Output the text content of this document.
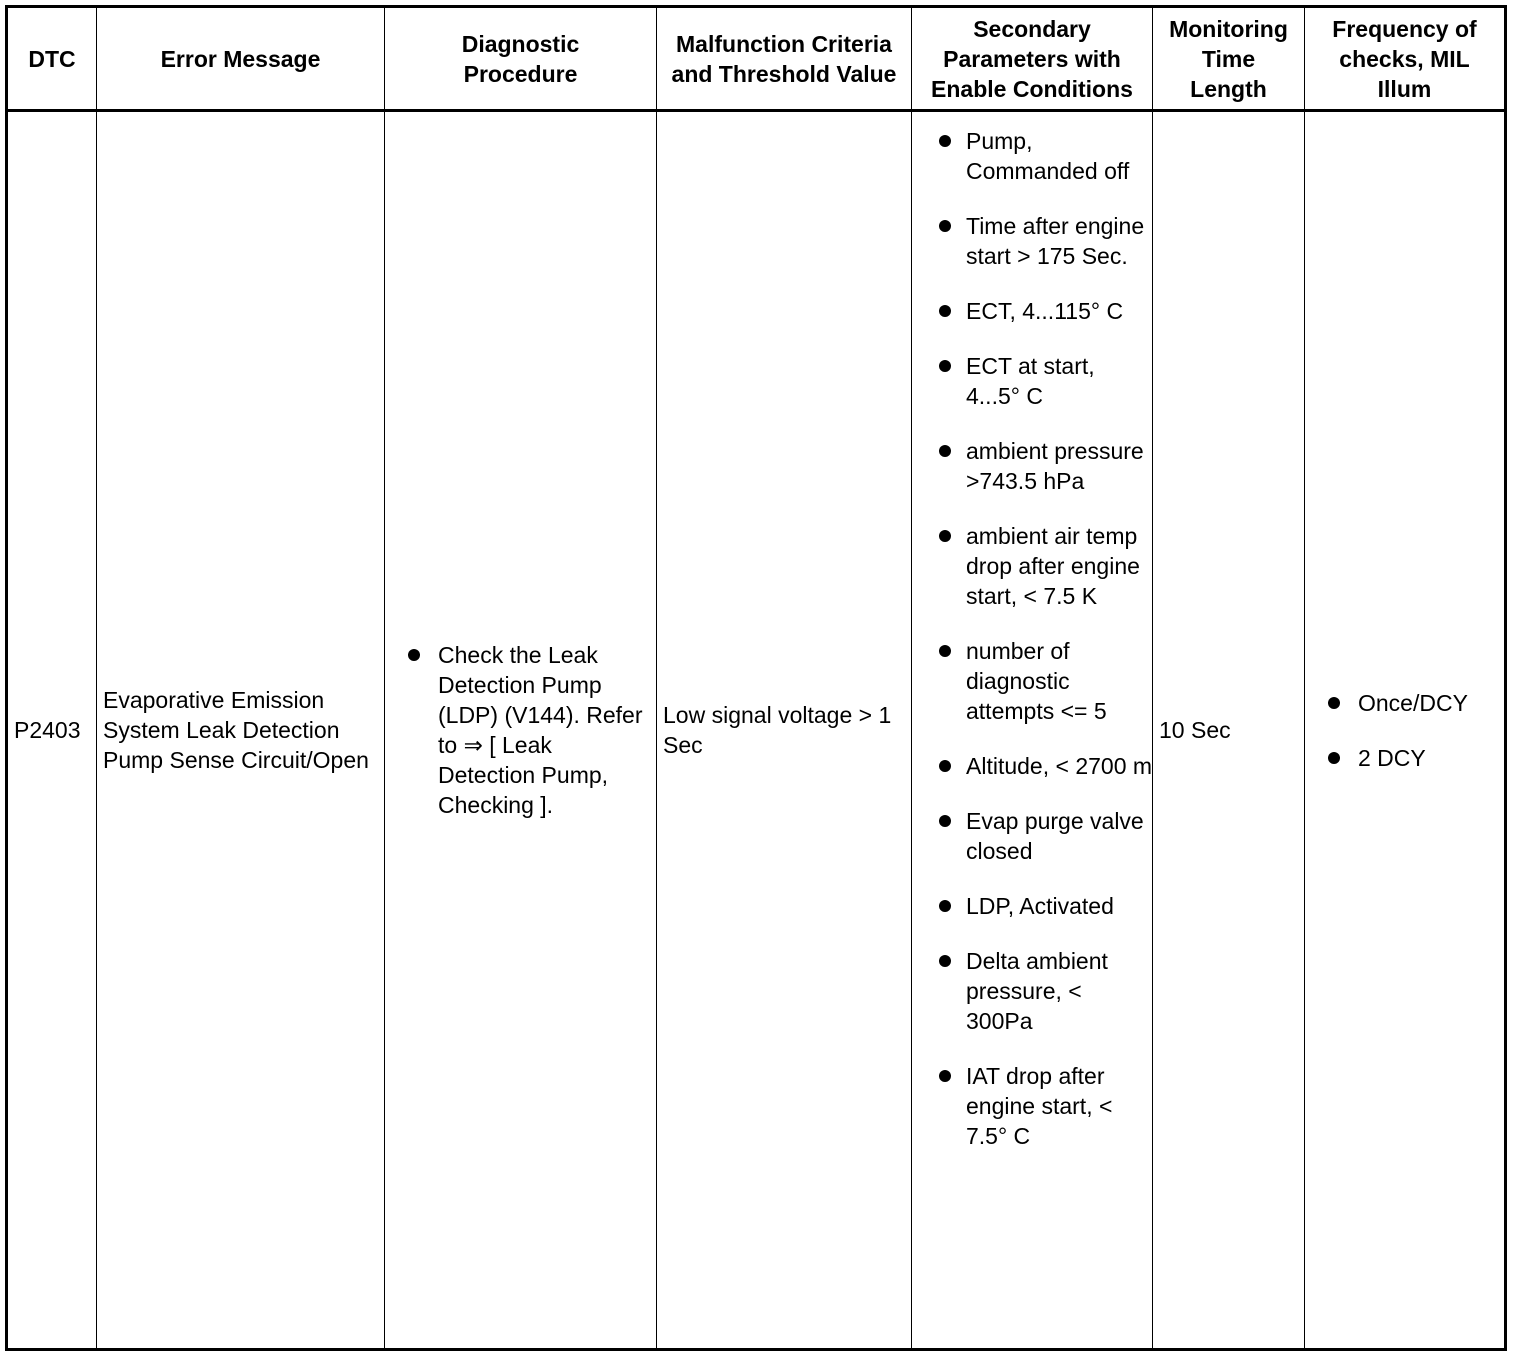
DTC	Error Message
Diagnostic Procedure
Malfunction Criteria and Threshold Value
Secondary Parameters with Enable Conditions
Monitoring Time Length
Frequency of checks, MIL Illum
P2403
Evaporative Emission System Leak Detection Pump Sense Circuit/Open
Check the Leak Detection Pump (LDP) (V144). Refer to ⇒ [ Leak Detection Pump, Checking ].
Low signal voltage > 1 Sec
Pump, Commanded off
Time after engine start > 175 Sec.
ECT, 4...115° C
ECT at start, 4...5° C
ambient pressure >743.5 hPa
ambient air temp drop after engine start, < 7.5 K
number of diagnostic attempts <= 5
Altitude, < 2700 m
Evap purge valve closed
LDP, Activated
Delta ambient pressure, < 300Pa
IAT drop after engine start, < 7.5° C
10 Sec
Once/DCY
2 DCY
